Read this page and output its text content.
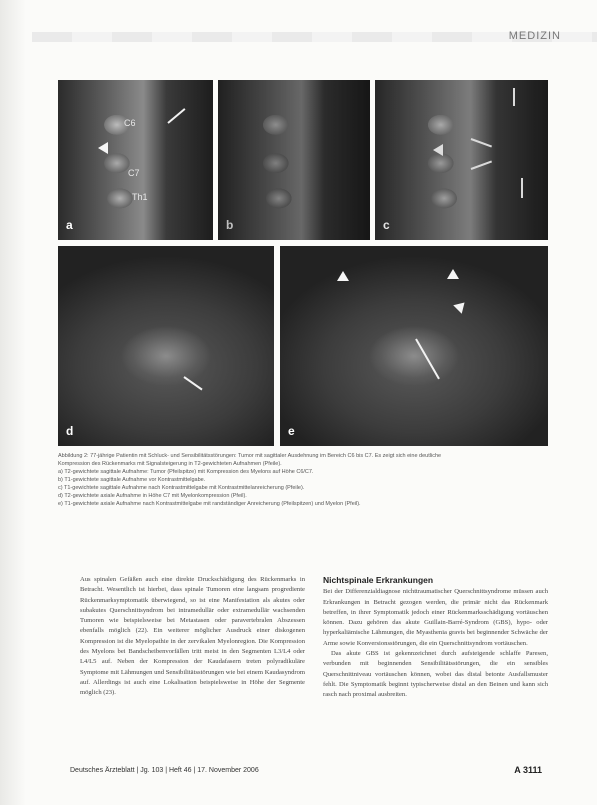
MEDIZIN
C6
C7
Th1
a	b	c
d	e

Abbildung 2: 77-jährige Patientin mit Schluck- und Sensibilitätsstörungen: Tumor mit sagittaler Ausdehnung im Bereich C6 bis C7. Es zeigt sich eine deutliche

Kompression des Rückenmarks mit Signalsteigerung in T2-gewichteten Aufnahmen (Pfeile).

a) T2-gewichtete sagittale Aufnahme: Tumor (Pfeilspitze) mit Kompression des Myelons auf Höhe C6/C7.

b) T1-gewichtete sagittale Aufnahme vor Kontrastmittelgabe.

c) T1-gewichtete sagittale Aufnahme nach Kontrastmittelgabe mit Kontrastmittelanreicherung (Pfeile).

d) T2-gewichtete axiale Aufnahme in Höhe C7 mit Myelonkompression (Pfeil).

e) T1-gewichtete axiale Aufnahme nach Kontrastmittelgabe mit randständiger Anreicherung (Pfeilspitzen) und Myelon (Pfeil).

Aus spinalen Gefäßen auch eine direkte Druckschädigung des Rückenmarks in Betracht. Wesentlich ist hierbei, dass spinale Tumoren eine langsam progrediente Rückenmarksymptomatik überwiegend, so ist eine Manifestation als akutes oder subakutes Querschnittsyndrom bei intramedullär oder extramedullär wachsenden Tumoren wie beispielsweise bei Metastasen oder paravertebralen Abszessen ebenfalls möglich (22). Ein weiterer möglicher Ausdruck einer diskogenen Kompression ist die Myelopathie in der zervikalen Myelonregion. Die Kompression des Myelons bei Bandscheibenvorfällen tritt meist in den Segmenten L3/L4 oder L4/L5 auf. Neben der Kompression der Kaudafasern treten polyradikuläre Symptome mit Lähmungen und Sensibilitätsstörungen wie bei einem Kaudasyndrom auf. Allerdings ist auch eine Lokalisation beispielsweise in Höhe der Segmente möglich (23).

Nichtspinale Erkrankungen

Bei der Differenzialdiagnose nichttraumatischer Querschnittsyndrome müssen auch Erkrankungen in Betracht gezogen werden, die primär nicht das Rückenmark betreffen, in ihrer Symptomatik jedoch einer Rückenmarksschädigung vortäuschen können. Dazu gehören das akute Guillain-Barré-Syndrom (GBS), hypo- oder hyperkaliämische Lähmungen, die Myasthenia gravis bei beginnender Schwäche der Arme sowie Konversionsstörungen, die ein Querschnittsyndrom vortäuschen.

Das akute GBS ist gekennzeichnet durch aufsteigende schlaffe Paresen, verbunden mit beginnenden Sensibilitätsstörungen, die ein sensibles Querschnittniveau vortäuschen können, wobei das distal betonte Ausfallsmuster fehlt. Die Symptomatik beginnt typischerweise distal an den Beinen und kann sich rasch nach proximal ausbreiten.

Deutsches Ärzteblatt | Jg. 103 | Heft 46 | 17. November 2006	A 3111
